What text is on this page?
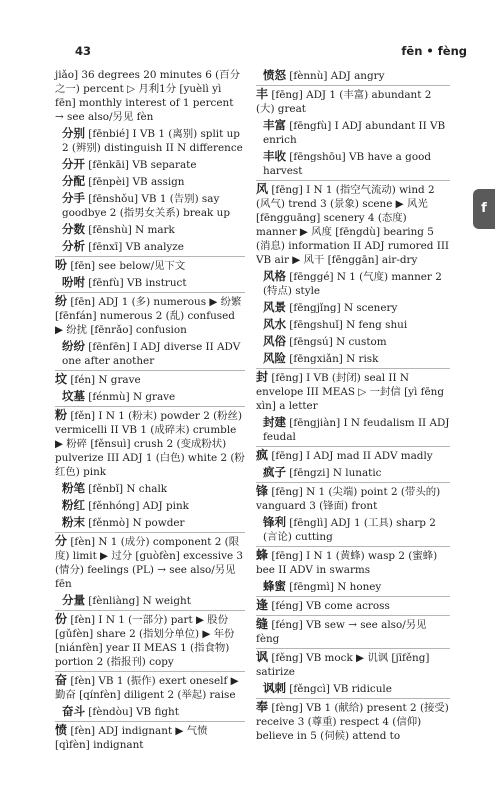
43	fēn • fèng
jiǎo] 36 degrees 20 minutes 6 (百分之一) percent ▷ 月利1分 [yuèlì yì fēn] monthly interest of 1 percent → see also/另见 fèn
分别 [fēnbié] I VB 1 (离别) split up 2 (辨别) distinguish II N difference
分开 [fēnkāi] VB separate
分配 [fēnpèi] VB assign
分手 [fēnshǒu] VB 1 (告别) say goodbye 2 (指男女关系) break up
分数 [fēnshù] N mark
分析 [fēnxī] VB analyze
吩 [fēn] see below/见下文
吩咐 [fēnfù] VB instruct
纷 [fēn] ADJ 1 (多) numerous ▶ 纷繁 [fēnfán] numerous 2 (乱) confused ▶ 纷扰 [fēnrǎo] confusion
纷纷 [fēnfēn] I ADJ diverse II ADV one after another
坟 [fén] N grave
坟墓 [fénmù] N grave
粉 [fěn] I N 1 (粉末) powder 2 (粉丝) vermicelli II VB 1 (成碎末) crumble ▶ 粉碎 [fěnsuì] crush 2 (变成粉状) pulverize III ADJ 1 (白色) white 2 (粉红色) pink
粉笔 [fěnbǐ] N chalk
粉红 [fěnhóng] ADJ pink
粉末 [fěnmò] N powder
分 [fèn] N 1 (成分) component 2 (限度) limit ▶ 过分 [guòfèn] excessive 3 (情分) feelings (PL) → see also/另见 fēn
分量 [fènliàng] N weight
份 [fèn] I N 1 (一部分) part ▶ 股份 [gǔfèn] share 2 (指划分单位) ▶ 年份 [niánfèn] year II MEAS 1 (指食物) portion 2 (指报刊) copy
奋 [fèn] VB 1 (振作) exert oneself ▶ 勤奋 [qínfèn] diligent 2 (举起) raise
奋斗 [fèndòu] VB fight
愤 [fèn] ADJ indignant ▶ 气愤 [qìfèn] indignant
愤怒 [fènnù] ADJ angry
丰 [fēng] ADJ 1 (丰富) abundant 2 (大) great
丰富 [fēngfù] I ADJ abundant II VB enrich
丰收 [fēngshōu] VB have a good harvest
风 [fēng] I N 1 (指空气流动) wind 2 (风气) trend 3 (景象) scene ▶ 风光 [fēngguāng] scenery 4 (态度) manner ▶ 风度 [fēngdù] bearing 5 (消息) information II ADJ rumored III VB air ▶ 风干 [fēnggān] air-dry
风格 [fēnggé] N 1 (气度) manner 2 (特点) style
风景 [fēngjǐng] N scenery
风水 [fēngshuǐ] N feng shui
风俗 [fēngsú] N custom
风险 [fēngxiǎn] N risk
封 [fēng] I VB (封闭) seal II N envelope III MEAS ▷ 一封信 [yì fēng xìn] a letter
封建 [fēngjiàn] I N feudalism II ADJ feudal
疯 [fēng] I ADJ mad II ADV madly
疯子 [fēngzi] N lunatic
锋 [fēng] N 1 (尖端) point 2 (带头的) vanguard 3 (锋面) front
锋利 [fēnglì] ADJ 1 (工具) sharp 2 (言论) cutting
蜂 [fēng] I N 1 (黄蜂) wasp 2 (蜜蜂) bee II ADV in swarms
蜂蜜 [fēngmì] N honey
逢 [féng] VB come across
缝 [féng] VB sew → see also/另见 fèng
讽 [fěng] VB mock ▶ 讥讽 [jīfěng] satirize
讽刺 [fěngcì] VB ridicule
奉 [fèng] VB 1 (献给) present 2 (接受) receive 3 (尊重) respect 4 (信仰) believe in 5 (伺候) attend to
f
